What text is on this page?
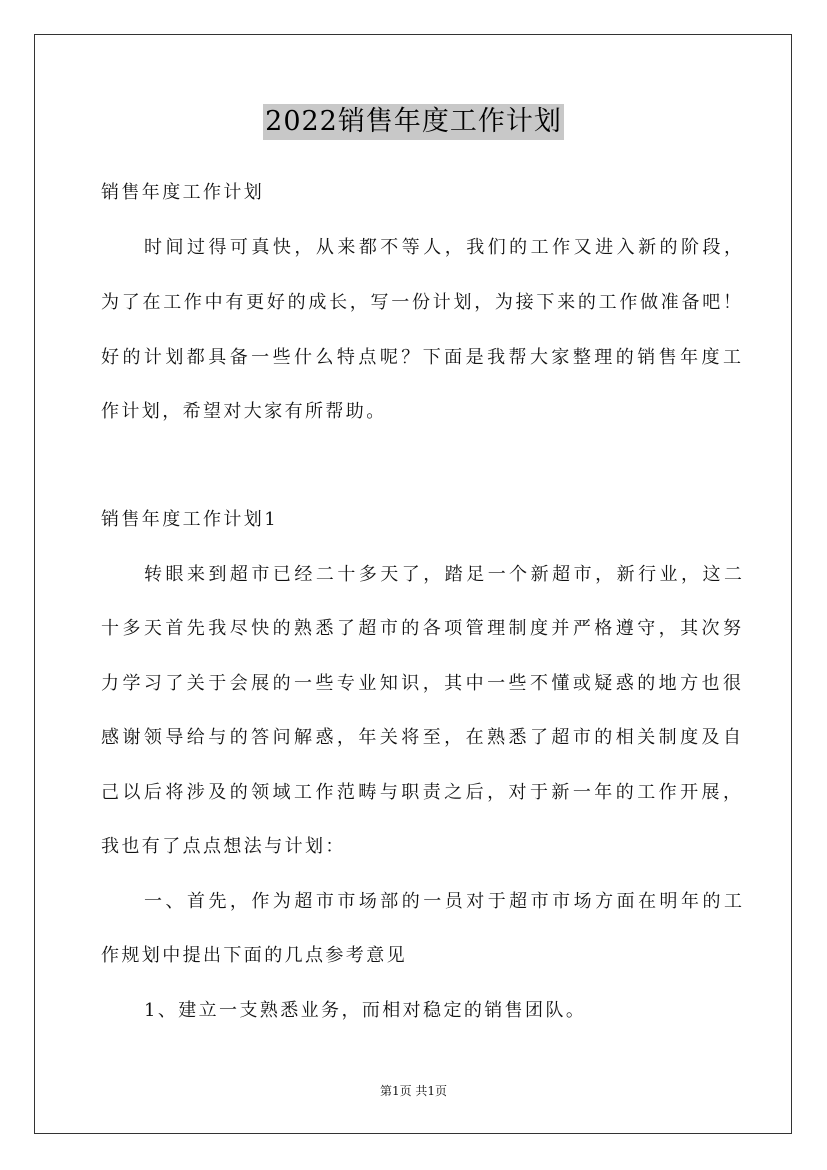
2022销售年度工作计划
销售年度工作计划
时间过得可真快，从来都不等人，我们的工作又进入新的阶段，
为了在工作中有更好的成长，写一份计划，为接下来的工作做准备吧！
好的计划都具备一些什么特点呢？下面是我帮大家整理的销售年度工
作计划，希望对大家有所帮助。
销售年度工作计划1
转眼来到超市已经二十多天了，踏足一个新超市，新行业，这二
十多天首先我尽快的熟悉了超市的各项管理制度并严格遵守，其次努
力学习了关于会展的一些专业知识，其中一些不懂或疑惑的地方也很
感谢领导给与的答问解惑，年关将至，在熟悉了超市的相关制度及自
己以后将涉及的领域工作范畴与职责之后，对于新一年的工作开展，
我也有了点点想法与计划：
一、首先，作为超市市场部的一员对于超市市场方面在明年的工
作规划中提出下面的几点参考意见
1、建立一支熟悉业务，而相对稳定的销售团队。
第1页 共1页
